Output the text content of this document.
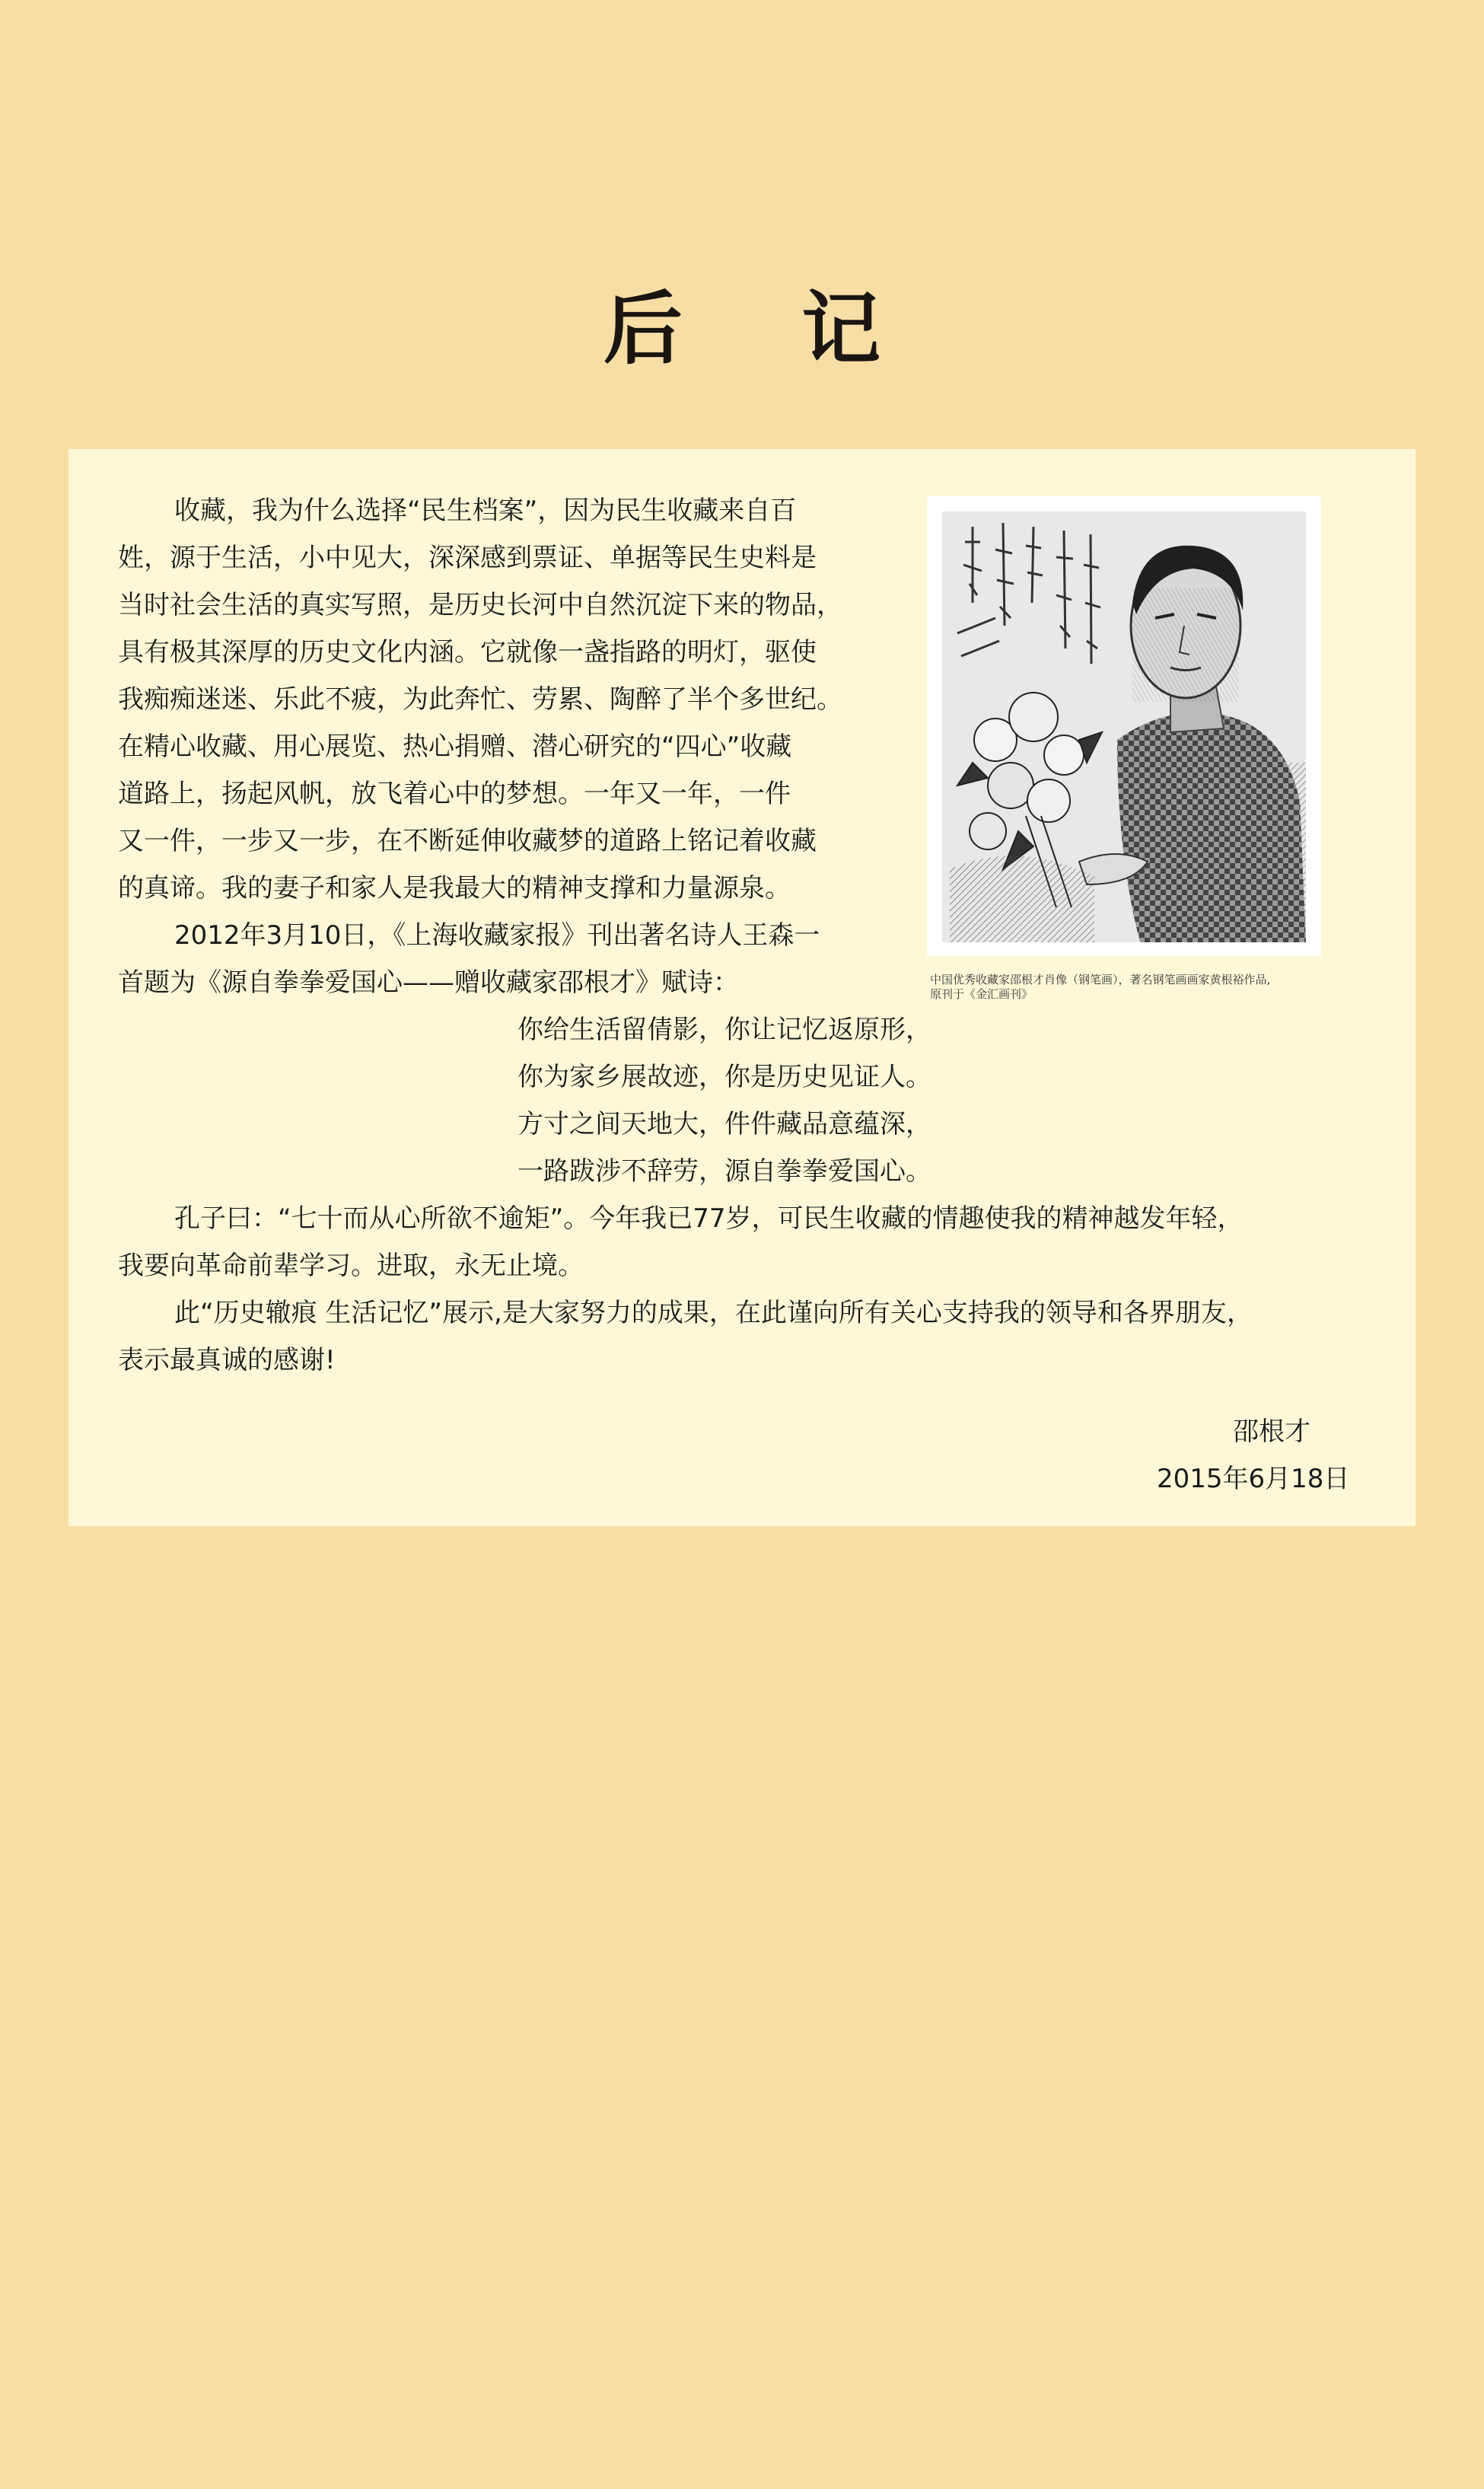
后 记
中国优秀收藏家邵根才肖像（钢笔画），著名钢笔画画家黄根裕作品,
原刊于《金汇画刊》

收藏，我为什么选择“民生档案”，因为民生收藏来自百
姓，源于生活，小中见大，深深感到票证、单据等民生史料是
当时社会生活的真实写照，是历史长河中自然沉淀下来的物品，
具有极其深厚的历史文化内涵。它就像一盏指路的明灯，驱使
我痴痴迷迷、乐此不疲，为此奔忙、劳累、陶醉了半个多世纪。
在精心收藏、用心展览、热心捐赠、潜心研究的“四心”收藏
道路上，扬起风帆，放飞着心中的梦想。一年又一年，一件
又一件，一步又一步，在不断延伸收藏梦的道路上铭记着收藏
的真谛。我的妻子和家人是我最大的精神支撑和力量源泉。

2012年3月10日，《上海收藏家报》刊出著名诗人王森一
首题为《源自拳拳爱国心——赠收藏家邵根才》赋诗：

你给生活留倩影，你让记忆返原形，
你为家乡展故迹，你是历史见证人。
方寸之间天地大，件件藏品意蕴深，
一路跋涉不辞劳，源自拳拳爱国心。

孔子曰：“七十而从心所欲不逾矩”。今年我已77岁，可民生收藏的情趣使我的精神越发年轻，
我要向革命前辈学习。进取，永无止境。

此“历史辙痕 生活记忆”展示,是大家努力的成果，在此谨向所有关心支持我的领导和各界朋友，
表示最真诚的感谢!

邵根才
2015年6月18日
